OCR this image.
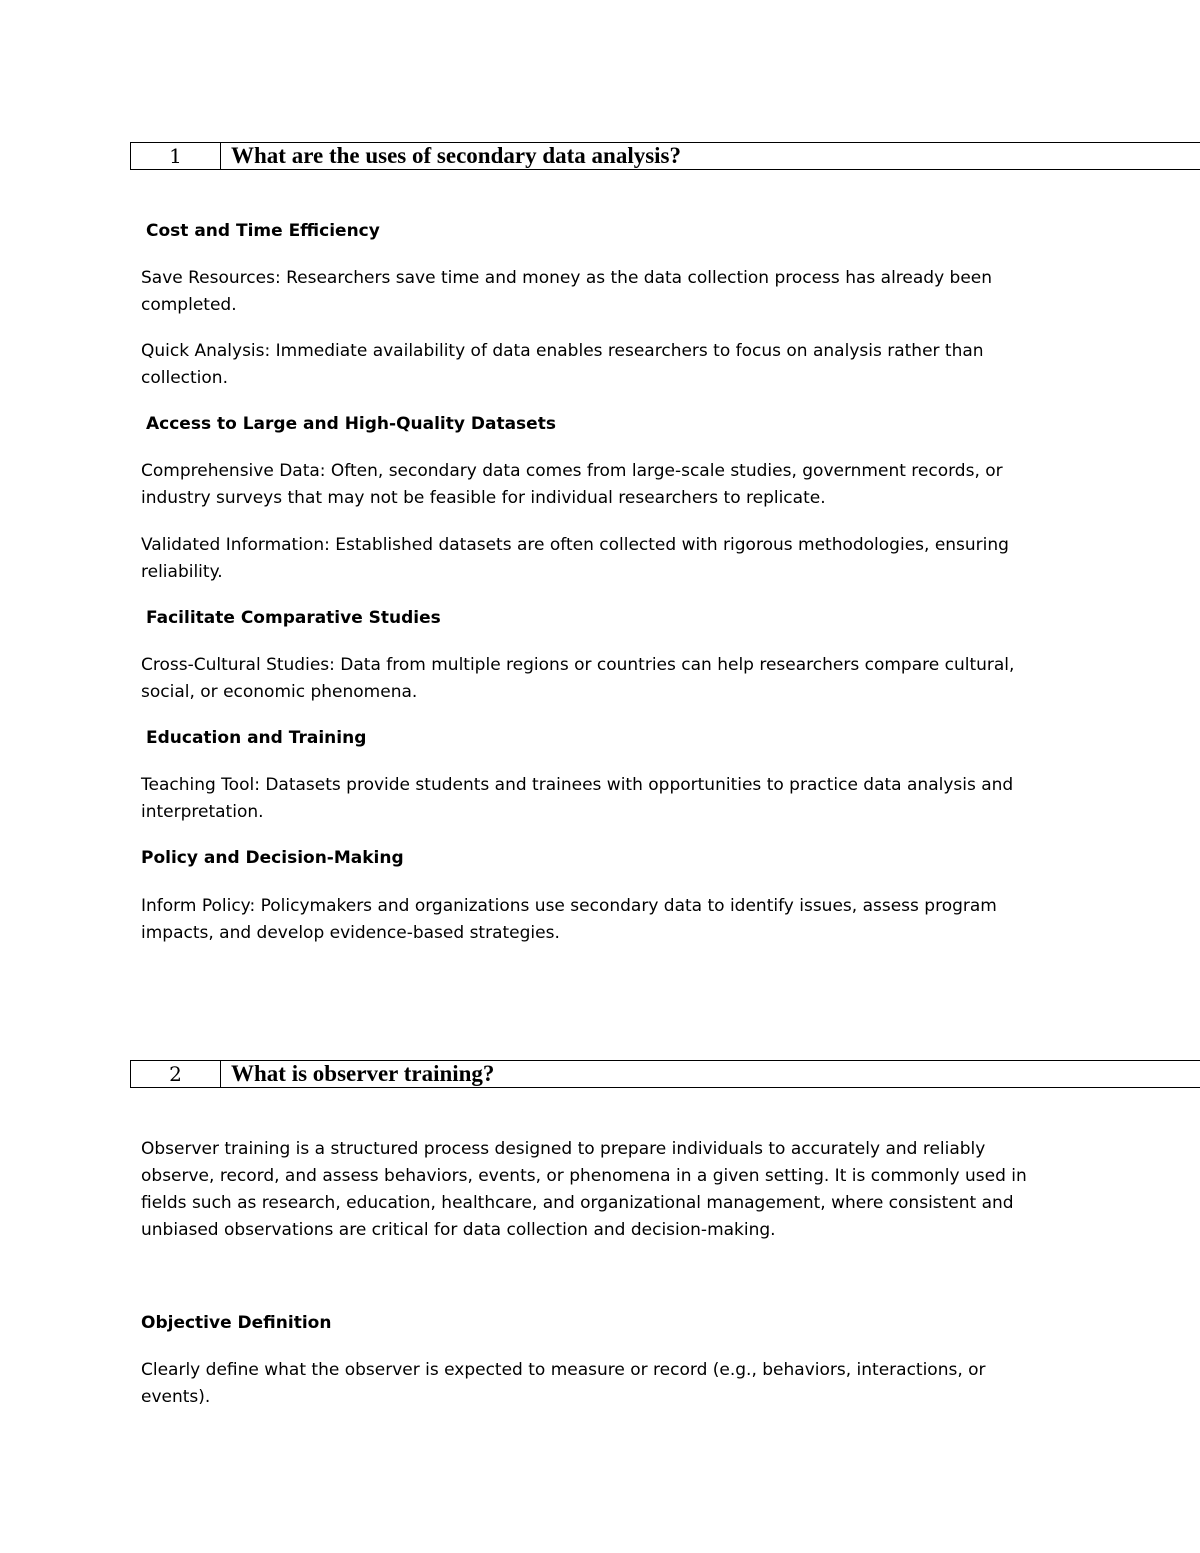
1	What are the uses of secondary data analysis?
Cost and Time Efficiency

Save Resources: Researchers save time and money as the data collection process has already been completed.

Quick Analysis: Immediate availability of data enables researchers to focus on analysis rather than collection.

Access to Large and High-Quality Datasets

Comprehensive Data: Often, secondary data comes from large-scale studies, government records, or industry surveys that may not be feasible for individual researchers to replicate.

Validated Information: Established datasets are often collected with rigorous methodologies, ensuring reliability.

Facilitate Comparative Studies

Cross-Cultural Studies: Data from multiple regions or countries can help researchers compare cultural, social, or economic phenomena.

Education and Training

Teaching Tool: Datasets provide students and trainees with opportunities to practice data analysis and interpretation.

Policy and Decision-Making

Inform Policy: Policymakers and organizations use secondary data to identify issues, assess program impacts, and develop evidence-based strategies.

2	What is observer training?

Observer training is a structured process designed to prepare individuals to accurately and reliably observe, record, and assess behaviors, events, or phenomena in a given setting. It is commonly used in fields such as research, education, healthcare, and organizational management, where consistent and unbiased observations are critical for data collection and decision-making.

Objective Definition

Clearly define what the observer is expected to measure or record (e.g., behaviors, interactions, or events).
